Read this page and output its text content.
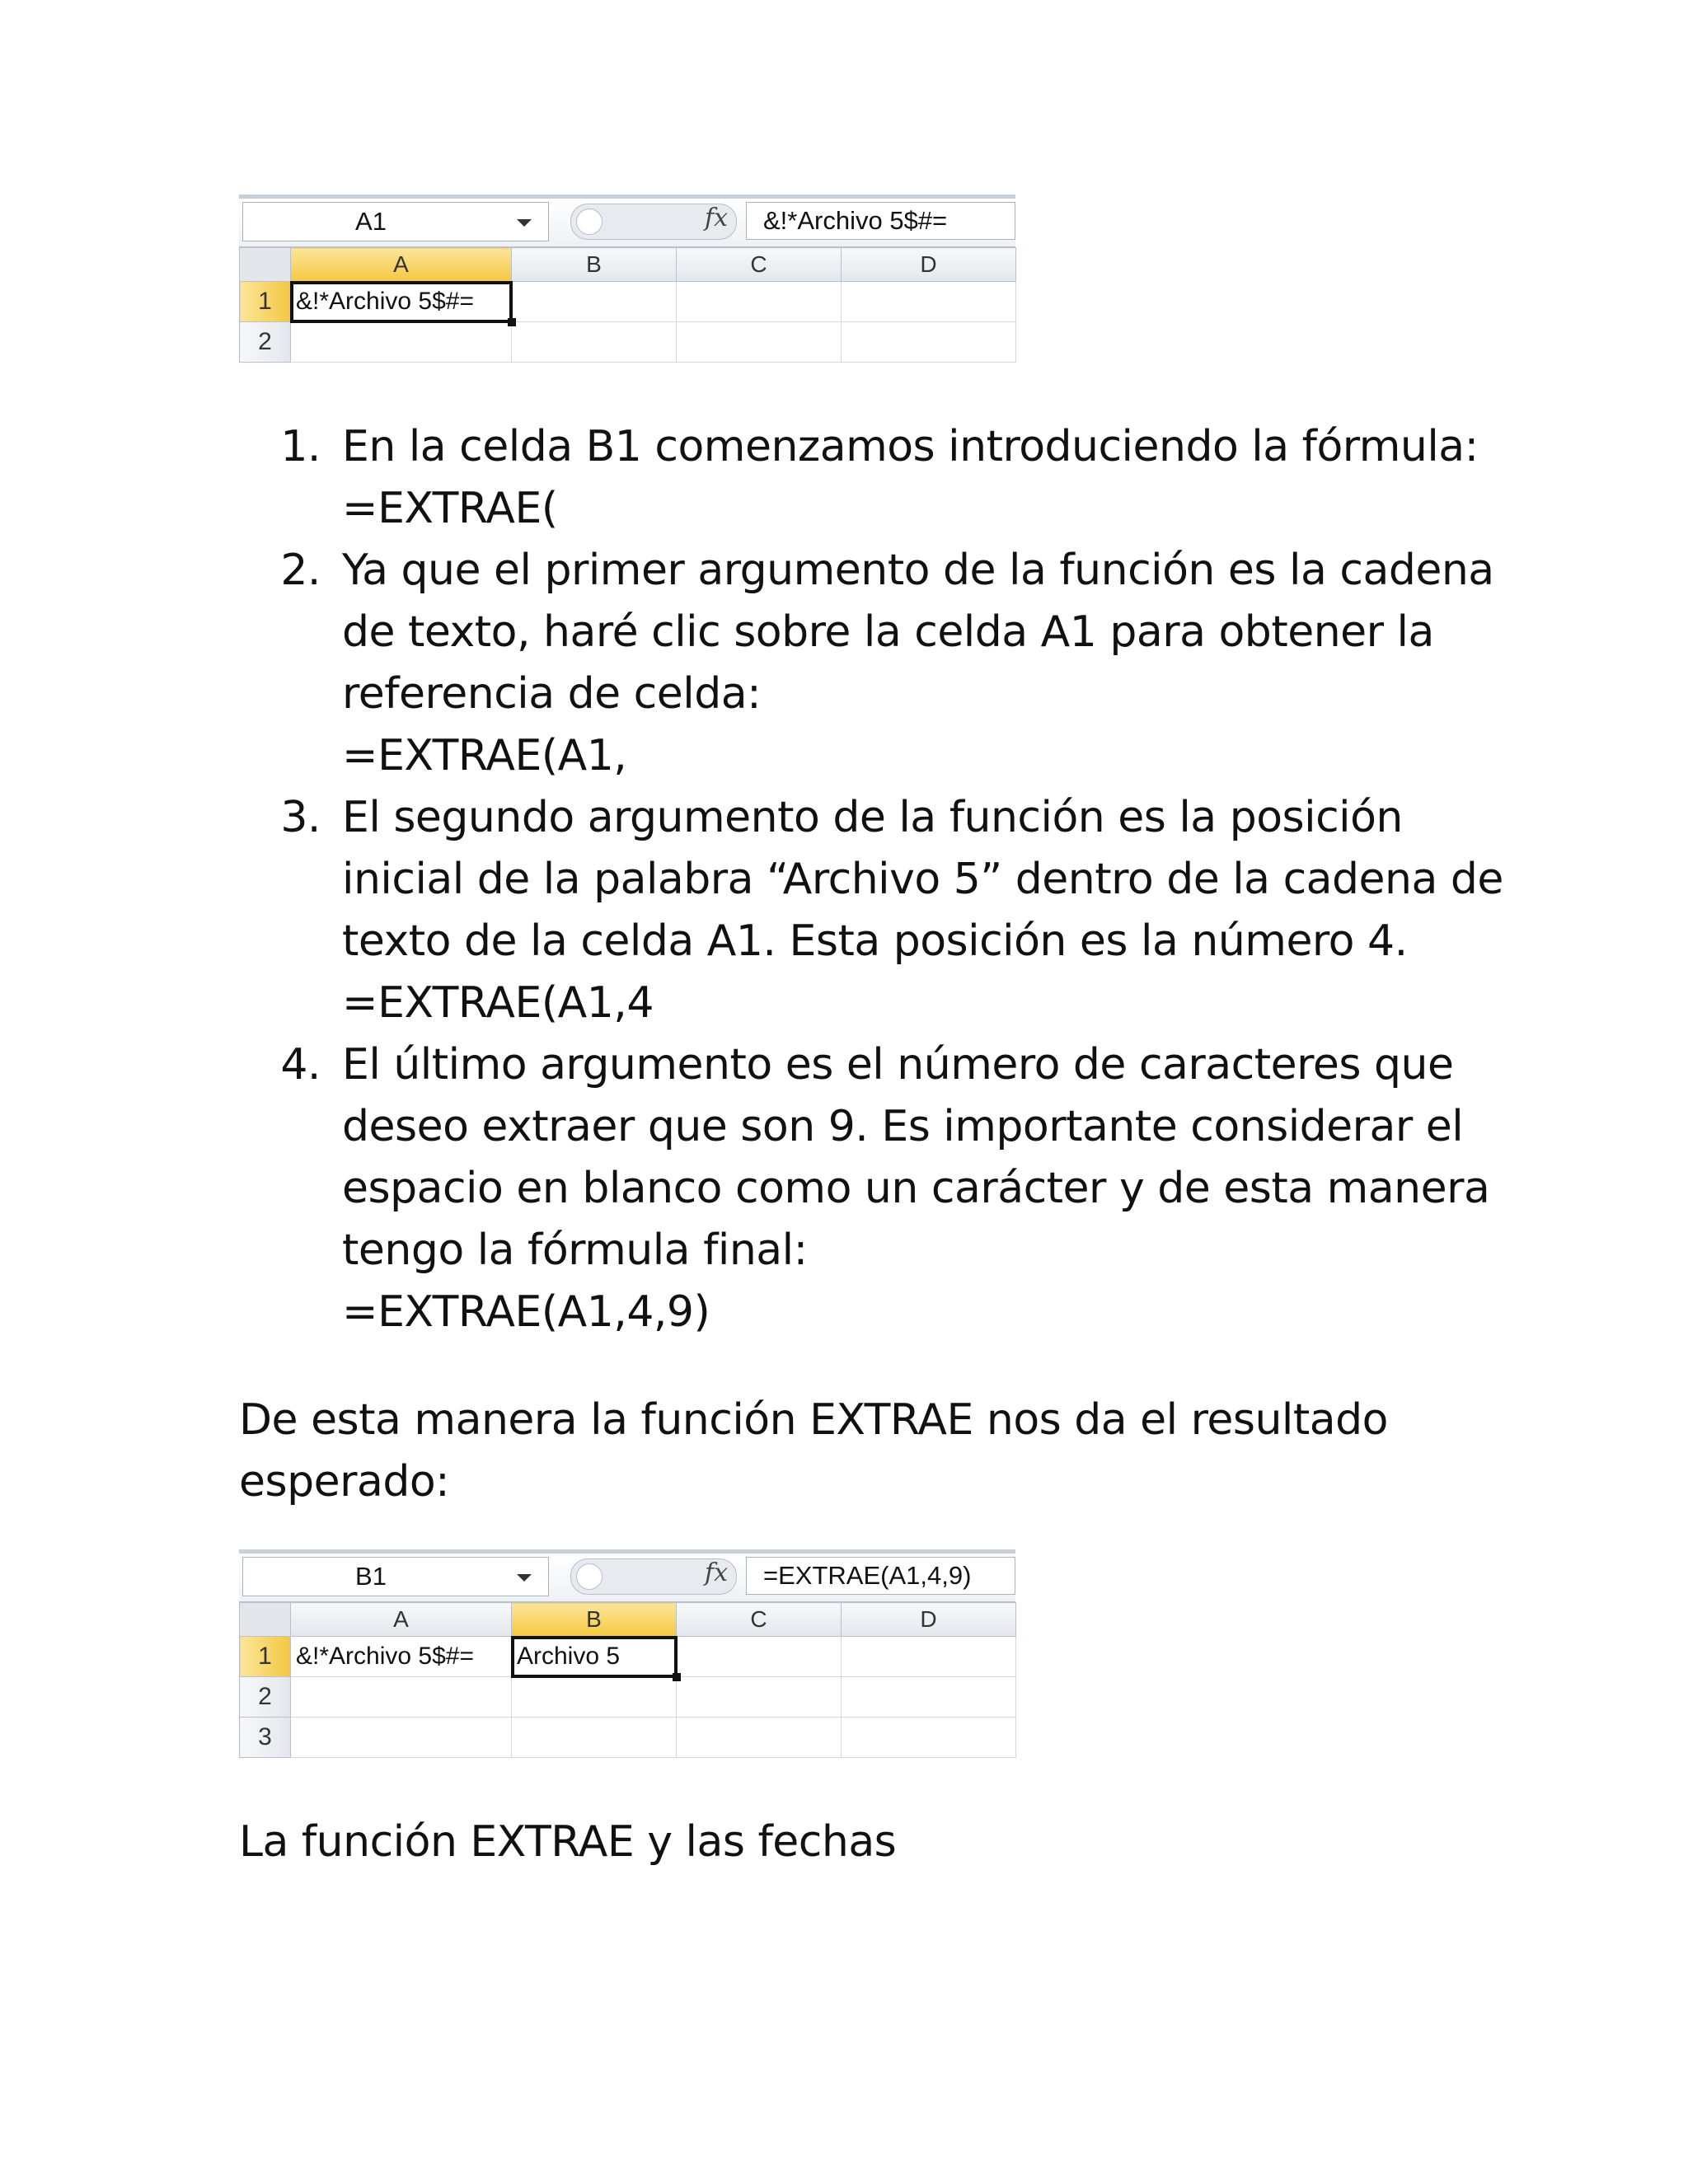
A1	fx &!*Archivo 5$#=
	A	B	C	D
1	&!*Archivo 5$#=			
2				
1. En la celda B1 comenzamos introduciendo la fórmula:
=EXTRAE(
2. Ya que el primer argumento de la función es la cadena de texto, haré clic sobre la celda A1 para obtener la referencia de celda:
=EXTRAE(A1,
3. El segundo argumento de la función es la posición inicial de la palabra “Archivo 5” dentro de la cadena de texto de la celda A1. Esta posición es la número 4.
=EXTRAE(A1,4
4. El último argumento es el número de caracteres que deseo extraer que son 9. Es importante considerar el espacio en blanco como un carácter y de esta manera tengo la fórmula final:
=EXTRAE(A1,4,9)

De esta manera la función EXTRAE nos da el resultado esperado:

B1	fx =EXTRAE(A1,4,9)
	A	B	C	D
1	&!*Archivo 5$#=	Archivo 5		
2				
3				

La función EXTRAE y las fechas
